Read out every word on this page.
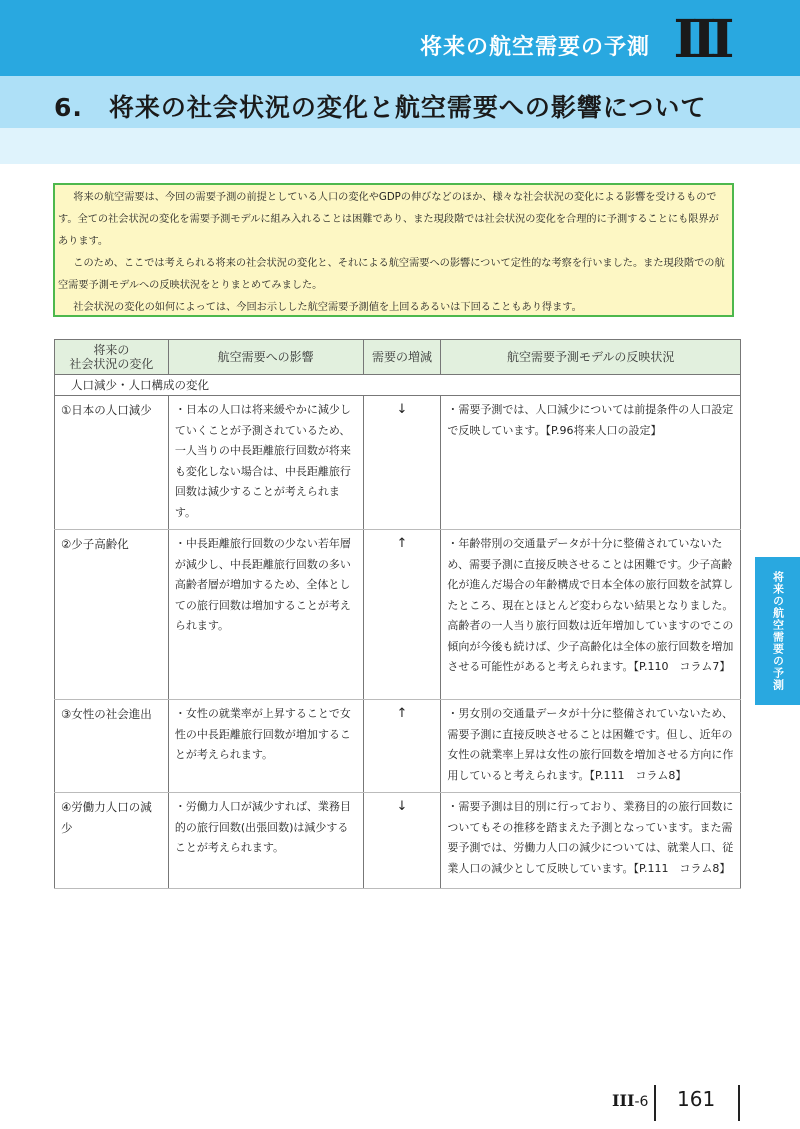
将来の航空需要の予測 III
6.　将来の社会状況の変化と航空需要への影響について

将来の航空需要は、今回の需要予測の前提としている人口の変化やGDPの伸びなどのほか、様々な社会状況の変化による影響を受けるものです。全ての社会状況の変化を需要予測モデルに組み入れることは困難であり、また現段階では社会状況の変化を合理的に予測することにも限界があります。

このため、ここでは考えられる将来の社会状況の変化と、それによる航空需要への影響について定性的な考察を行いました。また現段階での航空需要予測モデルへの反映状況をとりまとめてみました。

社会状況の変化の如何によっては、今回お示しした航空需要予測値を上回るあるいは下回ることもあり得ます。

将来の
社会状況の変化	航空需要への影響	需要の増減	航空需要予測モデルの反映状況
人口減少・人口構成の変化			
①日本の人口減少	・日本の人口は将来緩やかに減少していくことが予測されているため、一人当りの中長距離旅行回数が将来も変化しない場合は、中長距離旅行回数は減少することが考えられます。	↓	・需要予測では、人口減少については前提条件の人口設定で反映しています。【P.96将来人口の設定】
②少子高齢化	・中長距離旅行回数の少ない若年層が減少し、中長距離旅行回数の多い高齢者層が増加するため、全体としての旅行回数は増加することが考えられます。	↑	・年齢帯別の交通量データが十分に整備されていないため、需要予測に直接反映させることは困難です。少子高齢化が進んだ場合の年齢構成で日本全体の旅行回数を試算したところ、現在とほとんど変わらない結果となりました。高齢者の一人当り旅行回数は近年増加していますのでこの傾向が今後も続けば、少子高齢化は全体の旅行回数を増加させる可能性があると考えられます。【P.110　コラム7】
③女性の社会進出	・女性の就業率が上昇することで女性の中長距離旅行回数が増加することが考えられます。	↑	・男女別の交通量データが十分に整備されていないため、需要予測に直接反映させることは困難です。但し、近年の女性の就業率上昇は女性の旅行回数を増加させる方向に作用していると考えられます。【P.111　コラム8】
④労働力人口の減少	・労働力人口が減少すれば、業務目的の旅行回数(出張回数)は減少することが考えられます。	↓	・需要予測は目的別に行っており、業務目的の旅行回数についてもその推移を踏まえた予測となっています。また需要予測では、労働力人口の減少については、就業人口、従業人口の減少として反映しています。【P.111　コラム8】
将来の航空需要の予測
III-6 161
